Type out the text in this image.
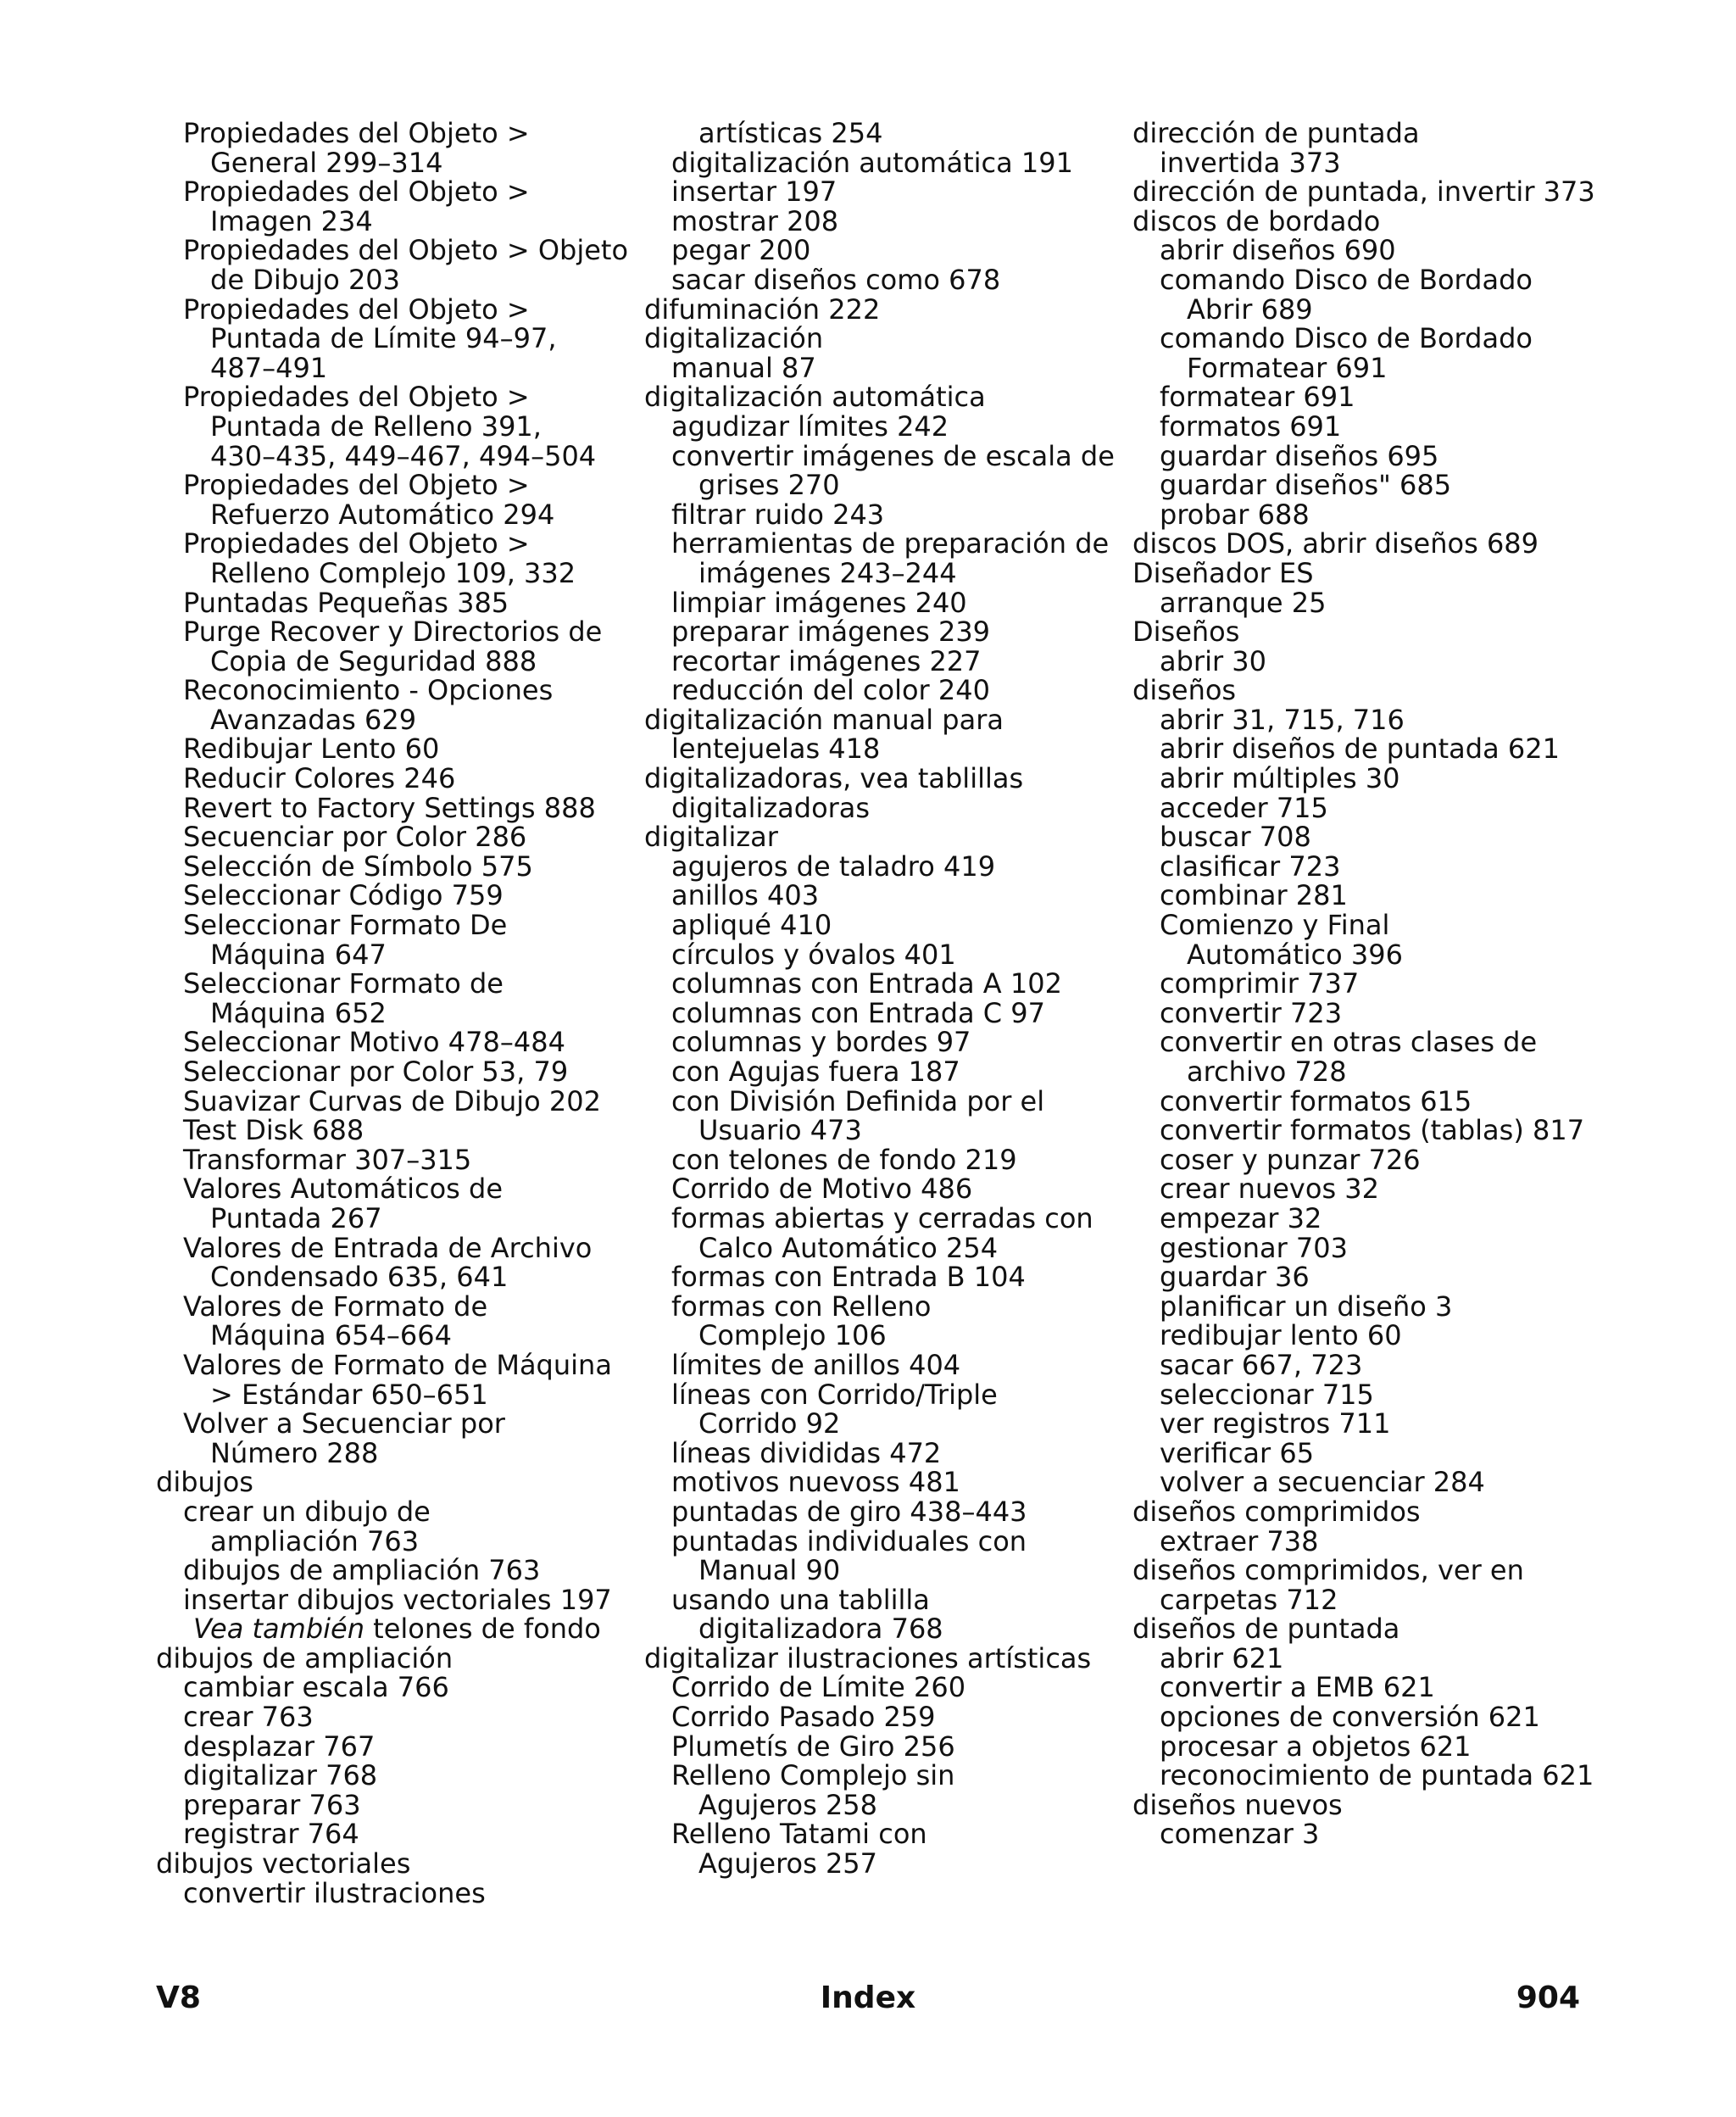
Propiedades del Objeto >
General 299–314
Propiedades del Objeto >
Imagen 234
Propiedades del Objeto > Objeto
de Dibujo 203
Propiedades del Objeto >
Puntada de Límite 94–97,
487–491
Propiedades del Objeto >
Puntada de Relleno 391,
430–435, 449–467, 494–504
Propiedades del Objeto >
Refuerzo Automático 294
Propiedades del Objeto >
Relleno Complejo 109, 332
Puntadas Pequeñas 385
Purge Recover y Directorios de
Copia de Seguridad 888
Reconocimiento - Opciones
Avanzadas 629
Redibujar Lento 60
Reducir Colores 246
Revert to Factory Settings 888
Secuenciar por Color 286
Selección de Símbolo 575
Seleccionar Código 759
Seleccionar Formato De
Máquina 647
Seleccionar Formato de
Máquina 652
Seleccionar Motivo 478–484
Seleccionar por Color 53, 79
Suavizar Curvas de Dibujo 202
Test Disk 688
Transformar 307–315
Valores Automáticos de
Puntada 267
Valores de Entrada de Archivo
Condensado 635, 641
Valores de Formato de
Máquina 654–664
Valores de Formato de Máquina
> Estándar 650–651
Volver a Secuenciar por
Número 288
dibujos
crear un dibujo de
ampliación 763
dibujos de ampliación 763
insertar dibujos vectoriales 197
Vea también telones de fondo
dibujos de ampliación
cambiar escala 766
crear 763
desplazar 767
digitalizar 768
preparar 763
registrar 764
dibujos vectoriales
convertir ilustraciones
artísticas 254
digitalización automática 191
insertar 197
mostrar 208
pegar 200
sacar diseños como 678
difuminación 222
digitalización
manual 87
digitalización automática
agudizar límites 242
convertir imágenes de escala de
grises 270
filtrar ruido 243
herramientas de preparación de
imágenes 243–244
limpiar imágenes 240
preparar imágenes 239
recortar imágenes 227
reducción del color 240
digitalización manual para
lentejuelas 418
digitalizadoras, vea tablillas
digitalizadoras
digitalizar
agujeros de taladro 419
anillos 403
apliqué 410
círculos y óvalos 401
columnas con Entrada A 102
columnas con Entrada C 97
columnas y bordes 97
con Agujas fuera 187
con División Definida por el
Usuario 473
con telones de fondo 219
Corrido de Motivo 486
formas abiertas y cerradas con
Calco Automático 254
formas con Entrada B 104
formas con Relleno
Complejo 106
límites de anillos 404
líneas con Corrido/Triple
Corrido 92
líneas divididas 472
motivos nuevoss 481
puntadas de giro 438–443
puntadas individuales con
Manual 90
usando una tablilla
digitalizadora 768
digitalizar ilustraciones artísticas
Corrido de Límite 260
Corrido Pasado 259
Plumetís de Giro 256
Relleno Complejo sin
Agujeros 258
Relleno Tatami con
Agujeros 257
dirección de puntada
invertida 373
dirección de puntada, invertir 373
discos de bordado
abrir diseños 690
comando Disco de Bordado
Abrir 689
comando Disco de Bordado
Formatear 691
formatear 691
formatos 691
guardar diseños 695
guardar diseños" 685
probar 688
discos DOS, abrir diseños 689
Diseñador ES
arranque 25
Diseños
abrir 30
diseños
abrir 31, 715, 716
abrir diseños de puntada 621
abrir múltiples 30
acceder 715
buscar 708
clasificar 723
combinar 281
Comienzo y Final
Automático 396
comprimir 737
convertir 723
convertir en otras clases de
archivo 728
convertir formatos 615
convertir formatos (tablas) 817
coser y punzar 726
crear nuevos 32
empezar 32
gestionar 703
guardar 36
planificar un diseño 3
redibujar lento 60
sacar 667, 723
seleccionar 715
ver registros 711
verificar 65
volver a secuenciar 284
diseños comprimidos
extraer 738
diseños comprimidos, ver en
carpetas 712
diseños de puntada
abrir 621
convertir a EMB 621
opciones de conversión 621
procesar a objetos 621
reconocimiento de puntada 621
diseños nuevos
comenzar 3
V8	Index	904
